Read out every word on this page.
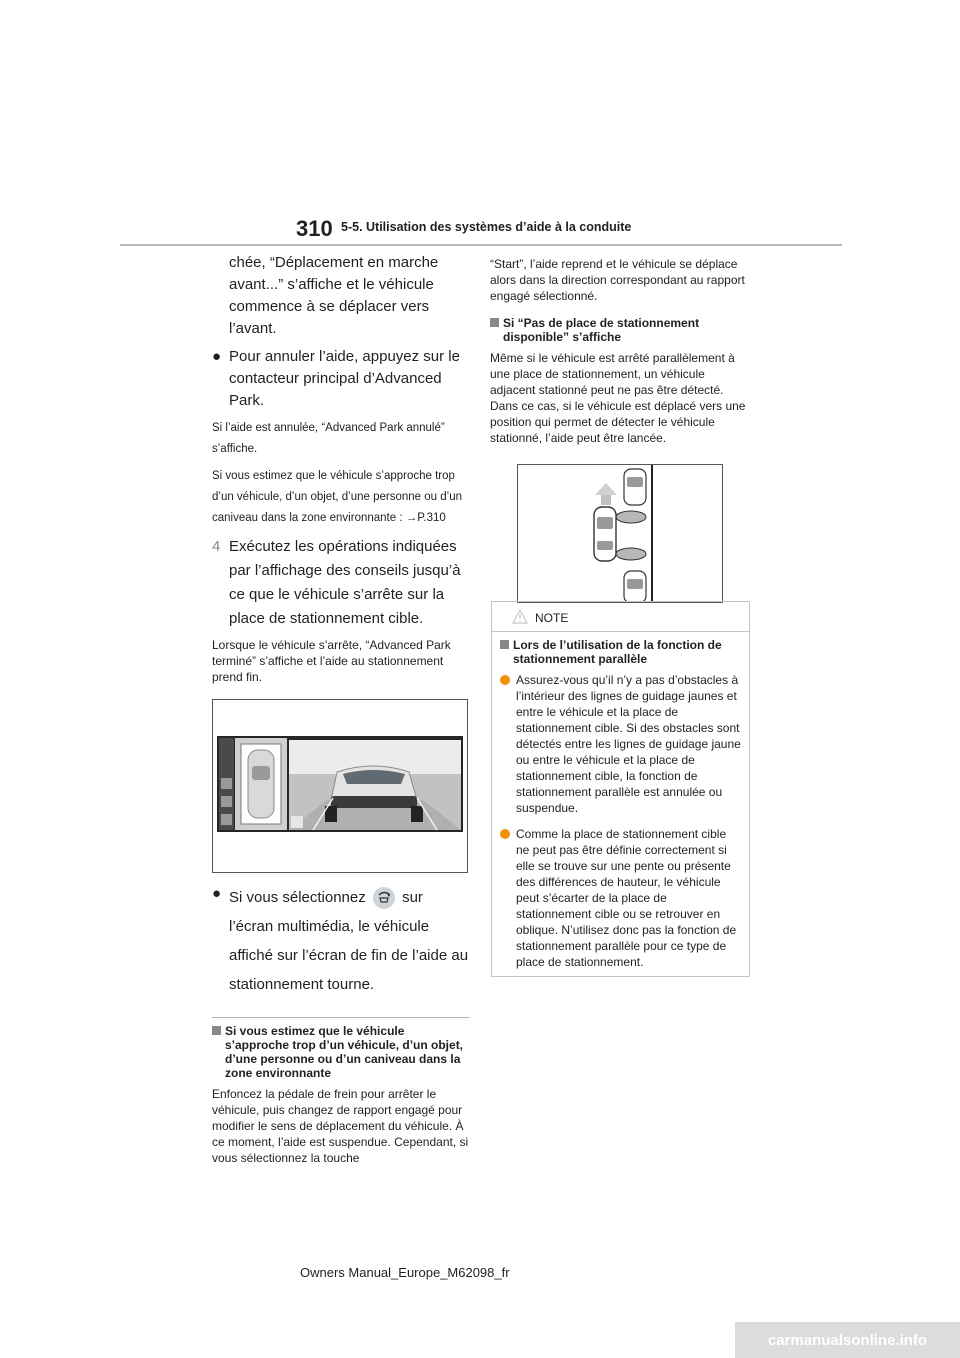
310 5-5. Utilisation des systèmes d’aide à la conduite

chée, “Déplacement en marche avant...” s’affiche et le véhicule commence à se déplacer vers l’avant.

● Pour annuler l’aide, appuyez sur le contacteur principal d’Advanced Park.

Si l’aide est annulée, “Advanced Park annulé” s’affiche.

Si vous estimez que le véhicule s’approche trop d’un véhicule, d’un objet, d’une personne ou d’un caniveau dans la zone environnante : →P.310

4 Exécutez les opérations indiquées par l’affichage des conseils jusqu’à ce que le véhicule s’arrête sur la place de stationnement cible.

Lorsque le véhicule s’arrête, “Advanced Park terminé” s’affiche et l’aide au stationnement prend fin.

● Si vous sélectionnez sur l’écran multimédia, le véhicule affiché sur l’écran de fin de l’aide au stationnement tourne.
Si vous estimez que le véhicule s’approche trop d’un véhicule, d’un objet, d’une personne ou d’un caniveau dans la zone environnante

Enfoncez la pédale de frein pour arrêter le véhicule, puis changez de rapport engagé pour modifier le sens de déplacement du véhicule. À ce moment, l’aide est suspendue. Cependant, si vous sélectionnez la touche

“Start”, l’aide reprend et le véhicule se déplace alors dans la direction correspondant au rapport engagé sélectionné.

Si “Pas de place de stationnement disponible” s’affiche

Même si le véhicule est arrêté parallèlement à une place de stationnement, un véhicule adjacent stationné peut ne pas être détecté. Dans ce cas, si le véhicule est déplacé vers une position qui permet de détecter le véhicule stationné, l’aide peut être lancée.

NOTE
Lors de l’utilisation de la fonction de stationnement parallèle
Assurez-vous qu’il n’y a pas d’obstacles à l’intérieur des lignes de guidage jaunes et entre le véhicule et la place de stationnement cible. Si des obstacles sont détectés entre les lignes de guidage jaune ou entre le véhicule et la place de stationnement cible, la fonction de stationnement parallèle est annulée ou suspendue.
Comme la place de stationnement cible ne peut pas être définie correctement si elle se trouve sur une pente ou présente des différences de hauteur, le véhicule peut s’écarter de la place de stationnement cible ou se retrouver en oblique. N’utilisez donc pas la fonction de stationnement parallèle pour ce type de place de stationnement.
Owners Manual_Europe_M62098_fr
carmanualsonline.info
